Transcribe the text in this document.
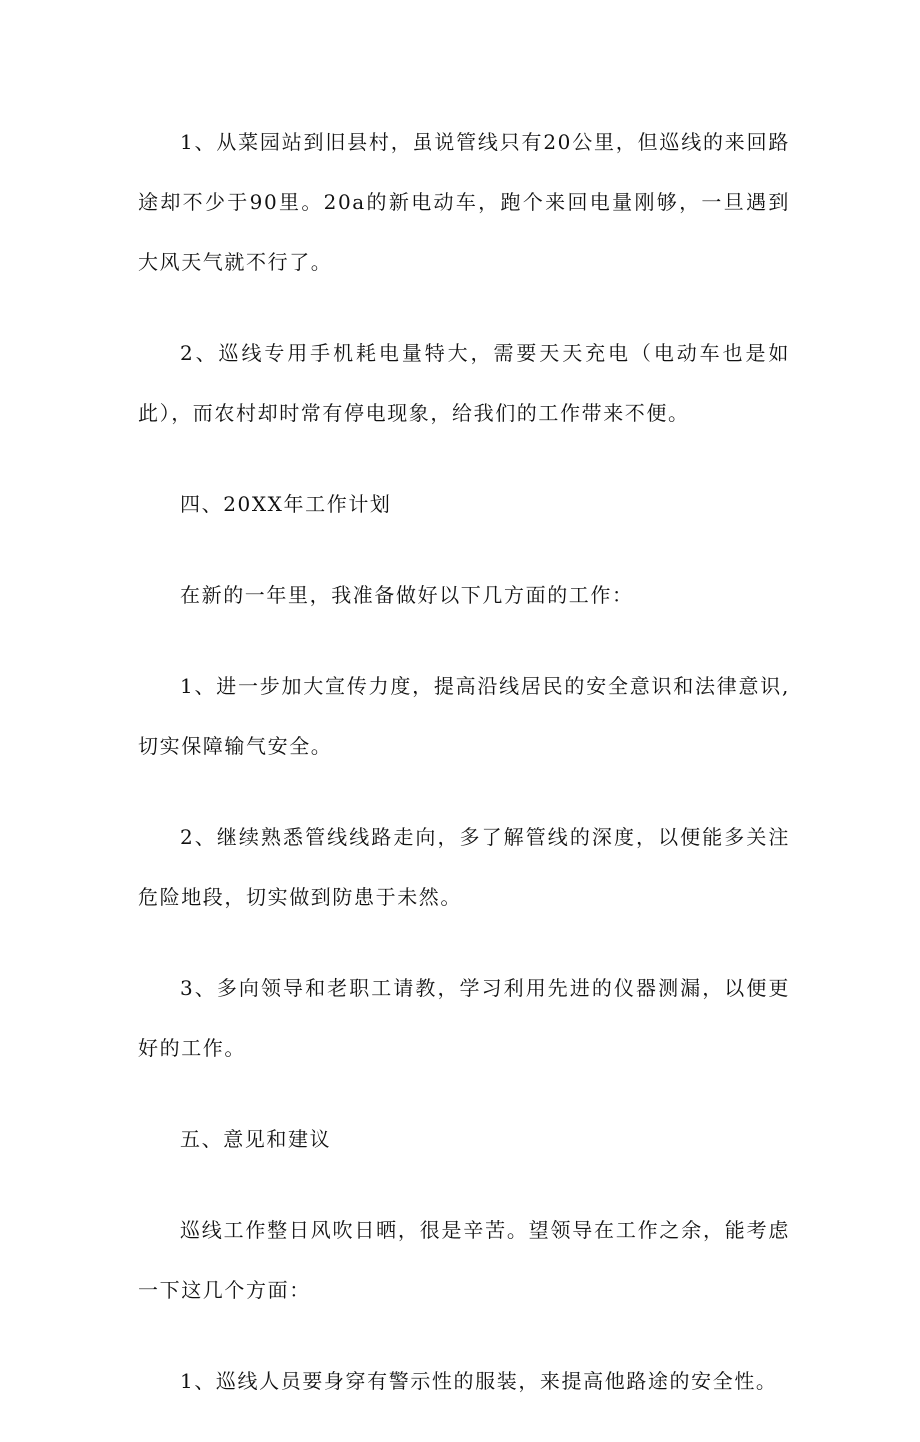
1、从菜园站到旧县村，虽说管线只有20公里，但巡线的来回路途却不少于90里。20a的新电动车，跑个来回电量刚够，一旦遇到大风天气就不行了。

2、巡线专用手机耗电量特大，需要天天充电（电动车也是如此），而农村却时常有停电现象，给我们的工作带来不便。

四、20XX年工作计划

在新的一年里，我准备做好以下几方面的工作：

1、进一步加大宣传力度，提高沿线居民的安全意识和法律意识,切实保障输气安全。

2、继续熟悉管线线路走向，多了解管线的深度，以便能多关注危险地段，切实做到防患于未然。

3、多向领导和老职工请教，学习利用先进的仪器测漏，以便更好的工作。

五、意见和建议

巡线工作整日风吹日晒，很是辛苦。望领导在工作之余，能考虑一下这几个方面：

1、巡线人员要身穿有警示性的服装，来提高他路途的安全性。
